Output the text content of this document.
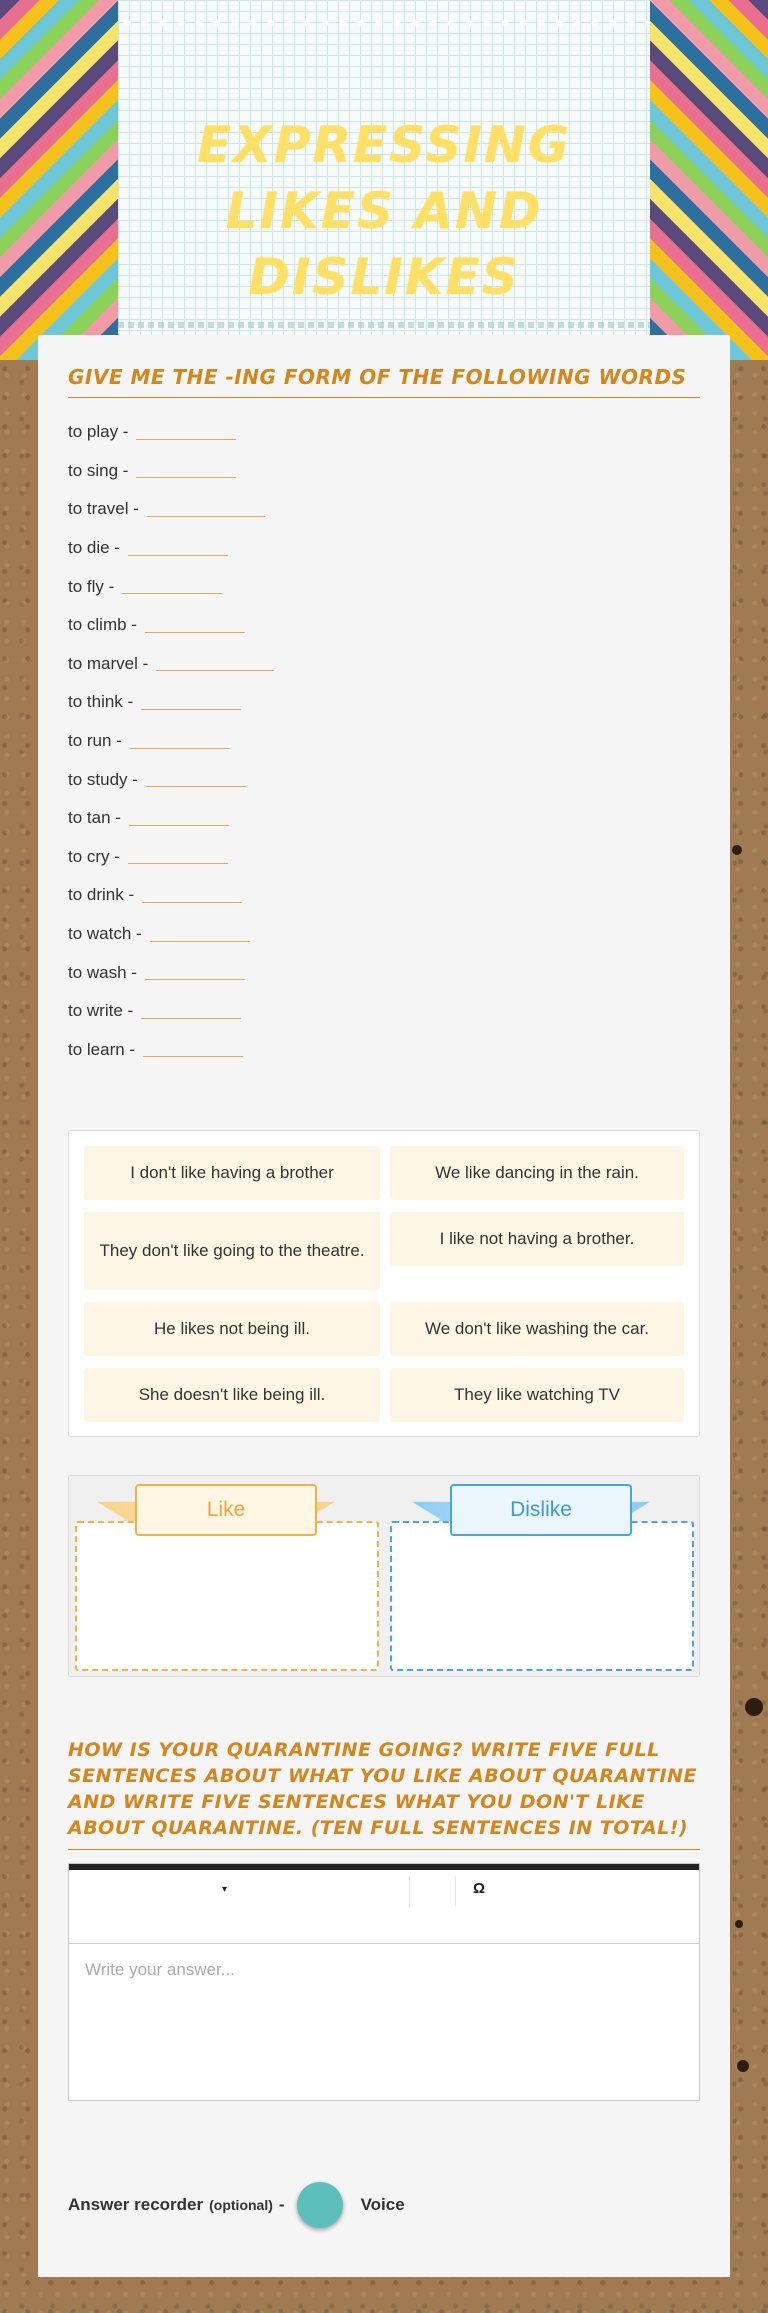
EXPRESSING LIKES AND
DISLIKES
GIVE ME THE -ING FORM OF THE FOLLOWING WORDS
to play -
to sing -
to travel -
to die -
to fly -
to climb -
to marvel -
to think -
to run -
to study -
to tan -
to cry -
to drink -
to watch -
to wash -
to write -
to learn -
I don't like having a brother	We like dancing in the rain.
They don't like going to the theatre.
I like not having a brother.
He likes not being ill.	We don't like washing the car.
She doesn't like being ill.	They like watching TV
Like	Dislike
HOW IS YOUR QUARANTINE GOING? WRITE FIVE FULL SENTENCES ABOUT WHAT YOU LIKE ABOUT QUARANTINE AND WRITE FIVE SENTENCES WHAT YOU DON'T LIKE ABOUT QUARANTINE. (TEN FULL SENTENCES IN TOTAL!)
▾	Ω
Write your answer...
Answer recorder (optional) -	Voice
